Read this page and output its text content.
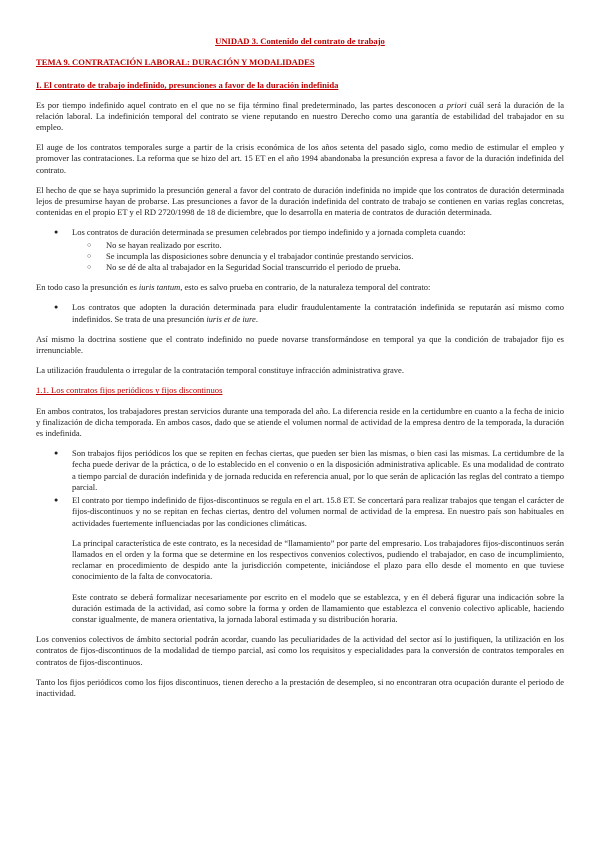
UNIDAD 3. Contenido del contrato de trabajo
TEMA 9. CONTRATACIÓN LABORAL: DURACIÓN Y MODALIDADES
I. El contrato de trabajo indefinido, presunciones a favor de la duración indefinida

Es por tiempo indefinido aquel contrato en el que no se fija término final predeterminado, las partes desconocen a priori cuál será la duración de la relación laboral. La indefinición temporal del contrato se viene reputando en nuestro Derecho como una garantía de estabilidad del trabajador en su empleo.

El auge de los contratos temporales surge a partir de la crisis económica de los años setenta del pasado siglo, como medio de estimular el empleo y promover las contrataciones. La reforma que se hizo del art. 15 ET en el año 1994 abandonaba la presunción expresa a favor de la duración indefinida del contrato.

El hecho de que se haya suprimido la presunción general a favor del contrato de duración indefinida no impide que los contratos de duración determinada lejos de presumirse hayan de probarse. Las presunciones a favor de la duración indefinida del contrato de trabajo se contienen en varias reglas concretas, contenidas en el propio ET y el RD 2720/1998 de 18 de diciembre, que lo desarrolla en materia de contratos de duración determinada.

● Los contratos de duración determinada se presumen celebrados por tiempo indefinido y a jornada completa cuando:
○ No se hayan realizado por escrito.
○ Se incumpla las disposiciones sobre denuncia y el trabajador continúe prestando servicios.
○ No se dé de alta al trabajador en la Seguridad Social transcurrido el periodo de prueba.

En todo caso la presunción es iuris tantum, esto es salvo prueba en contrario, de la naturaleza temporal del contrato:

● Los contratos que adopten la duración determinada para eludir fraudulentamente la contratación indefinida se reputarán así mismo como indefinidos. Se trata de una presunción iuris et de iure.

Así mismo la doctrina sostiene que el contrato indefinido no puede novarse transformándose en temporal ya que la condición de trabajador fijo es irrenunciable.

La utilización fraudulenta o irregular de la contratación temporal constituye infracción administrativa grave.

1.1. Los contratos fijos periódicos y fijos discontinuos

En ambos contratos, los trabajadores prestan servicios durante una temporada del año. La diferencia reside en la certidumbre en cuanto a la fecha de inicio y finalización de dicha temporada. En ambos casos, dado que se atiende el volumen normal de actividad de la empresa dentro de la temporada, la duración es indefinida.

● Son trabajos fijos periódicos los que se repiten en fechas ciertas, que pueden ser bien las mismas, o bien casi las mismas. La certidumbre de la fecha puede derivar de la práctica, o de lo establecido en el convenio o en la disposición administrativa aplicable. Es una modalidad de contrato a tiempo parcial de duración indefinida y de jornada reducida en referencia anual, por lo que serán de aplicación las reglas del contrato a tiempo parcial.
● El contrato por tiempo indefinido de fijos-discontinuos se regula en el art. 15.8 ET. Se concertará para realizar trabajos que tengan el carácter de fijos-discontinuos y no se repitan en fechas ciertas, dentro del volumen normal de actividad de la empresa. En nuestro país son habituales en actividades fuertemente influenciadas por las condiciones climáticas.

La principal característica de este contrato, es la necesidad de “llamamiento” por parte del empresario. Los trabajadores fijos-discontinuos serán llamados en el orden y la forma que se determine en los respectivos convenios colectivos, pudiendo el trabajador, en caso de incumplimiento, reclamar en procedimiento de despido ante la jurisdicción competente, iniciándose el plazo para ello desde el momento en que tuviese conocimiento de la falta de convocatoria.

Este contrato se deberá formalizar necesariamente por escrito en el modelo que se establezca, y en él deberá figurar una indicación sobre la duración estimada de la actividad, así como sobre la forma y orden de llamamiento que establezca el convenio colectivo aplicable, haciendo constar igualmente, de manera orientativa, la jornada laboral estimada y su distribución horaria.

Los convenios colectivos de ámbito sectorial podrán acordar, cuando las peculiaridades de la actividad del sector así lo justifiquen, la utilización en los contratos de fijos-discontinuos de la modalidad de tiempo parcial, así como los requisitos y especialidades para la conversión de contratos temporales en contratos de fijos-discontinuos.

Tanto los fijos periódicos como los fijos discontinuos, tienen derecho a la prestación de desempleo, si no encontraran otra ocupación durante el periodo de inactividad.
